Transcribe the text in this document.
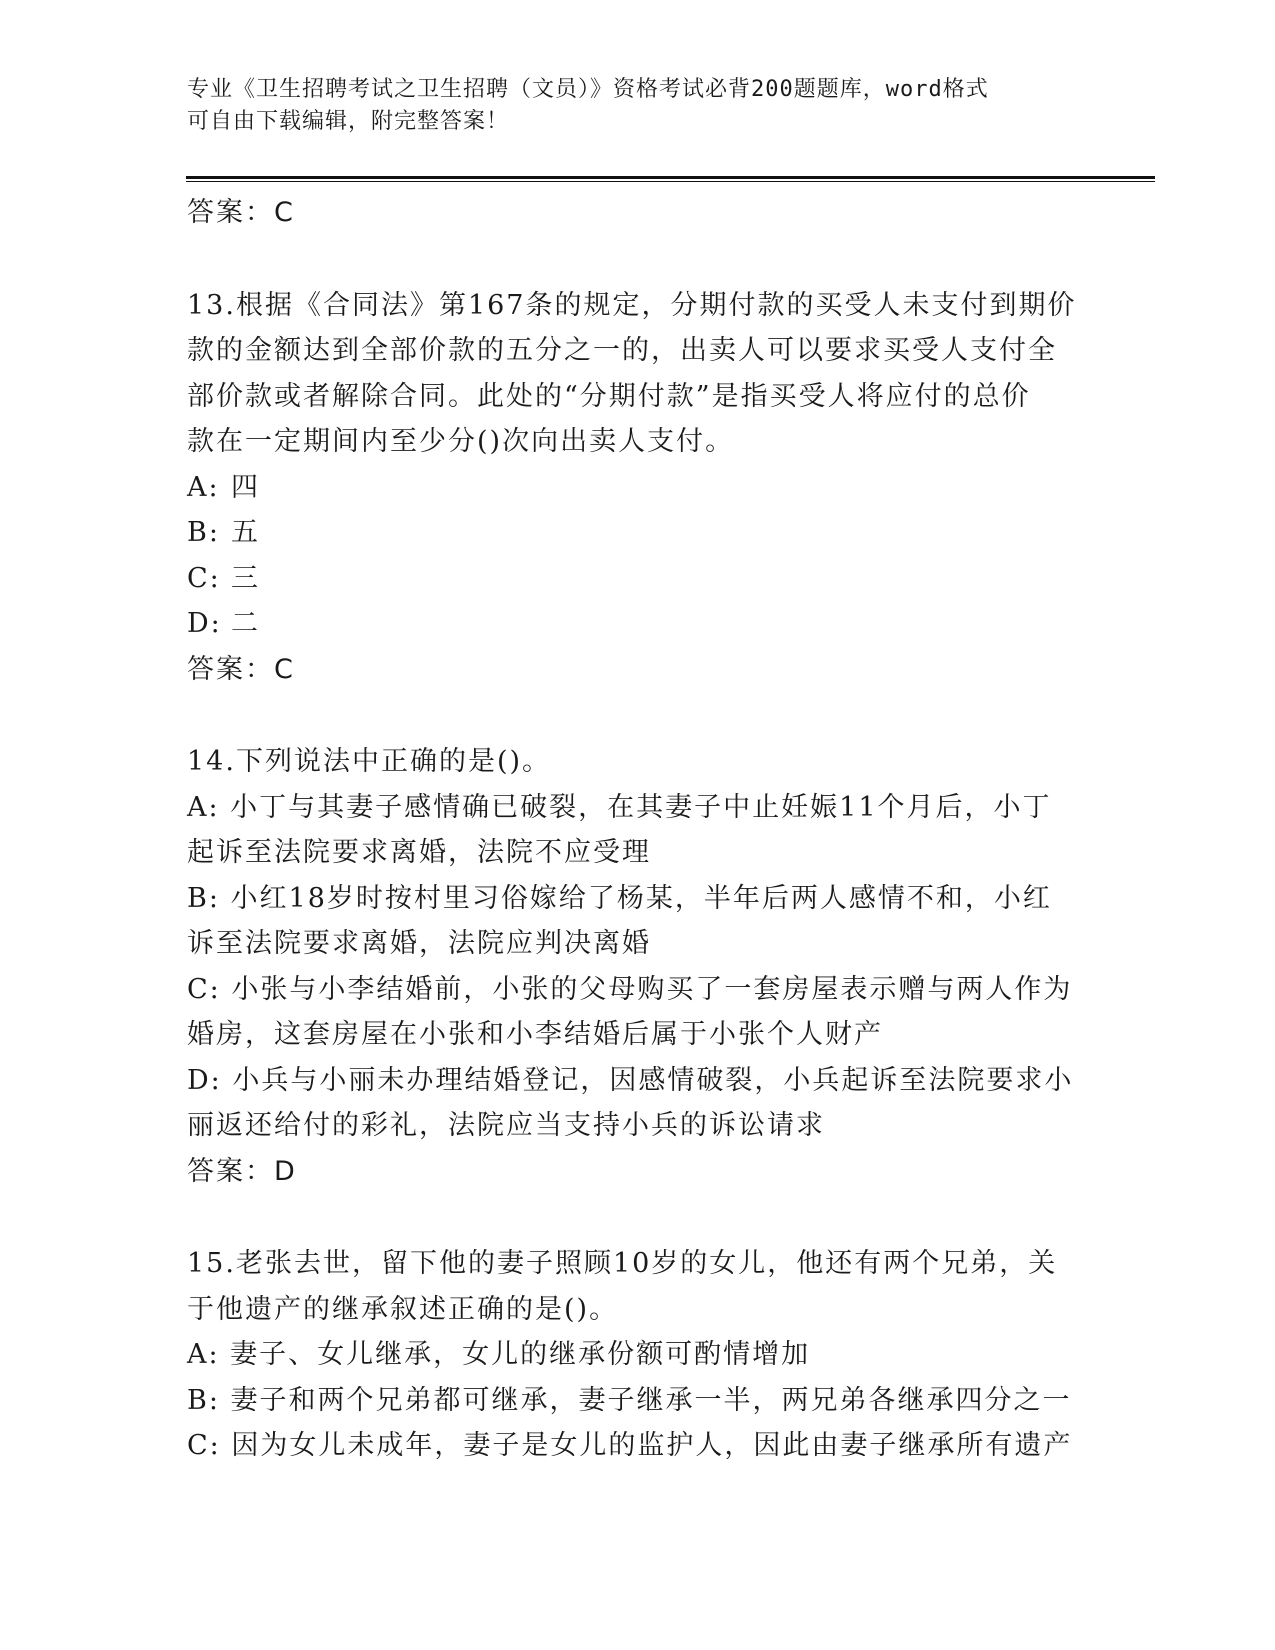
专业《卫生招聘考试之卫生招聘（文员）》资格考试必背200题题库，word格式
可自由下载编辑，附完整答案！
答案：C
13.根据《合同法》第167条的规定，分期付款的买受人未支付到期价
款的金额达到全部价款的五分之一的，出卖人可以要求买受人支付全
部价款或者解除合同。此处的“分期付款”是指买受人将应付的总价
款在一定期间内至少分()次向出卖人支付。
A: 四
B: 五
C: 三
D: 二
答案：C
14.下列说法中正确的是()。
A: 小丁与其妻子感情确已破裂，在其妻子中止妊娠11个月后，小丁
起诉至法院要求离婚，法院不应受理
B: 小红18岁时按村里习俗嫁给了杨某，半年后两人感情不和，小红
诉至法院要求离婚，法院应判决离婚
C: 小张与小李结婚前，小张的父母购买了一套房屋表示赠与两人作为
婚房，这套房屋在小张和小李结婚后属于小张个人财产
D: 小兵与小丽未办理结婚登记，因感情破裂，小兵起诉至法院要求小
丽返还给付的彩礼，法院应当支持小兵的诉讼请求
答案：D
15.老张去世，留下他的妻子照顾10岁的女儿，他还有两个兄弟，关
于他遗产的继承叙述正确的是()。
A: 妻子、女儿继承，女儿的继承份额可酌情增加
B: 妻子和两个兄弟都可继承，妻子继承一半，两兄弟各继承四分之一
C: 因为女儿未成年，妻子是女儿的监护人，因此由妻子继承所有遗产
